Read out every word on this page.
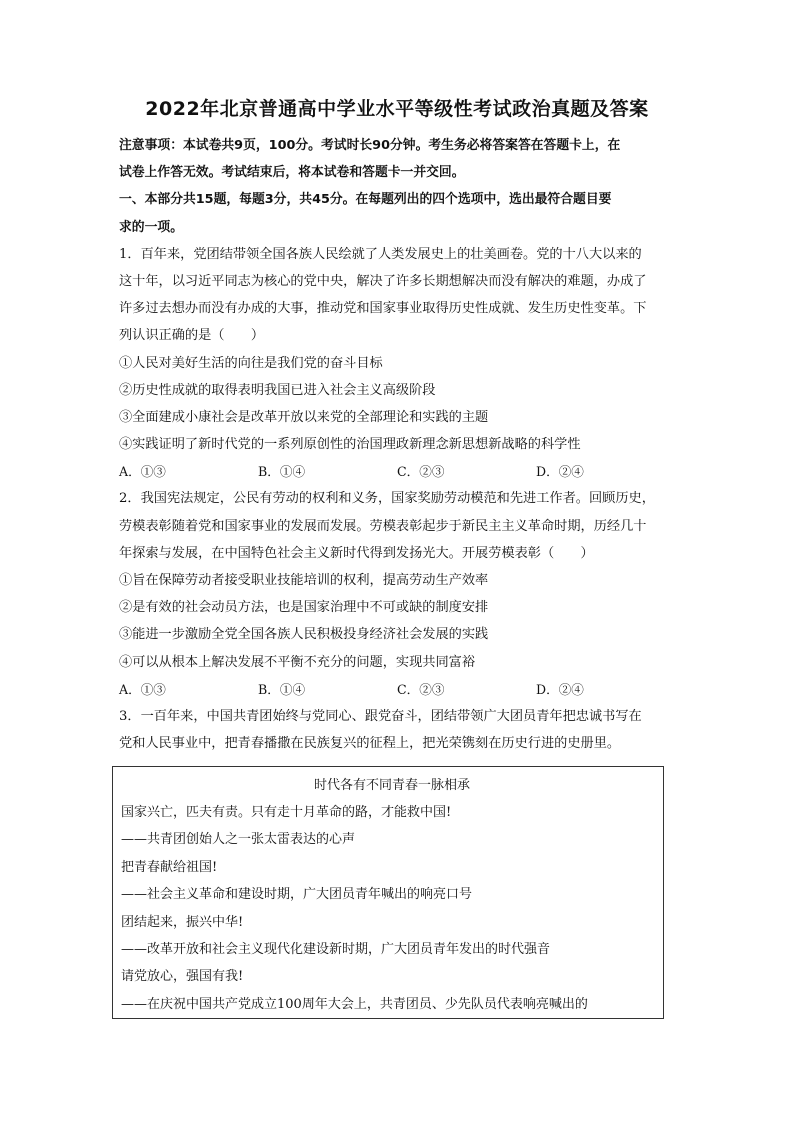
2022年北京普通高中学业水平等级性考试政治真题及答案
注意事项：本试卷共9页，100分。考试时长90分钟。考生务必将答案答在答题卡上，在
试卷上作答无效。考试结束后，将本试卷和答题卡一并交回。
一、本部分共15题，每题3分，共45分。在每题列出的四个选项中，选出最符合题目要
求的一项。
1．百年来，党团结带领全国各族人民绘就了人类发展史上的壮美画卷。党的十八大以来的
这十年，以习近平同志为核心的党中央，解决了许多长期想解决而没有解决的难题，办成了
许多过去想办而没有办成的大事，推动党和国家事业取得历史性成就、发生历史性变革。下
列认识正确的是（　　）
①人民对美好生活的向往是我们党的奋斗目标
②历史性成就的取得表明我国已进入社会主义高级阶段
③全面建成小康社会是改革开放以来党的全部理论和实践的主题
④实践证明了新时代党的一系列原创性的治国理政新理念新思想新战略的科学性
A．①③	B．①④	C．②③	D．②④
2．我国宪法规定，公民有劳动的权利和义务，国家奖励劳动模范和先进工作者。回顾历史，
劳模表彰随着党和国家事业的发展而发展。劳模表彰起步于新民主主义革命时期，历经几十
年探索与发展，在中国特色社会主义新时代得到发扬光大。开展劳模表彰（　　）
①旨在保障劳动者接受职业技能培训的权利，提高劳动生产效率
②是有效的社会动员方法，也是国家治理中不可或缺的制度安排
③能进一步激励全党全国各族人民积极投身经济社会发展的实践
④可以从根本上解决发展不平衡不充分的问题，实现共同富裕
A．①③	B．①④	C．②③	D．②④
3．一百年来，中国共青团始终与党同心、跟党奋斗，团结带领广大团员青年把忠诚书写在
党和人民事业中，把青春播撒在民族复兴的征程上，把光荣镌刻在历史行进的史册里。
时代各有不同青春一脉相承
国家兴亡，匹夫有责。只有走十月革命的路，才能救中国!
——共青团创始人之一张太雷表达的心声
把青春献给祖国!
——社会主义革命和建设时期，广大团员青年喊出的响亮口号
团结起来，振兴中华!
——改革开放和社会主义现代化建设新时期，广大团员青年发出的时代强音
请党放心，强国有我!
——在庆祝中国共产党成立100周年大会上，共青团员、少先队员代表响亮喊出的
